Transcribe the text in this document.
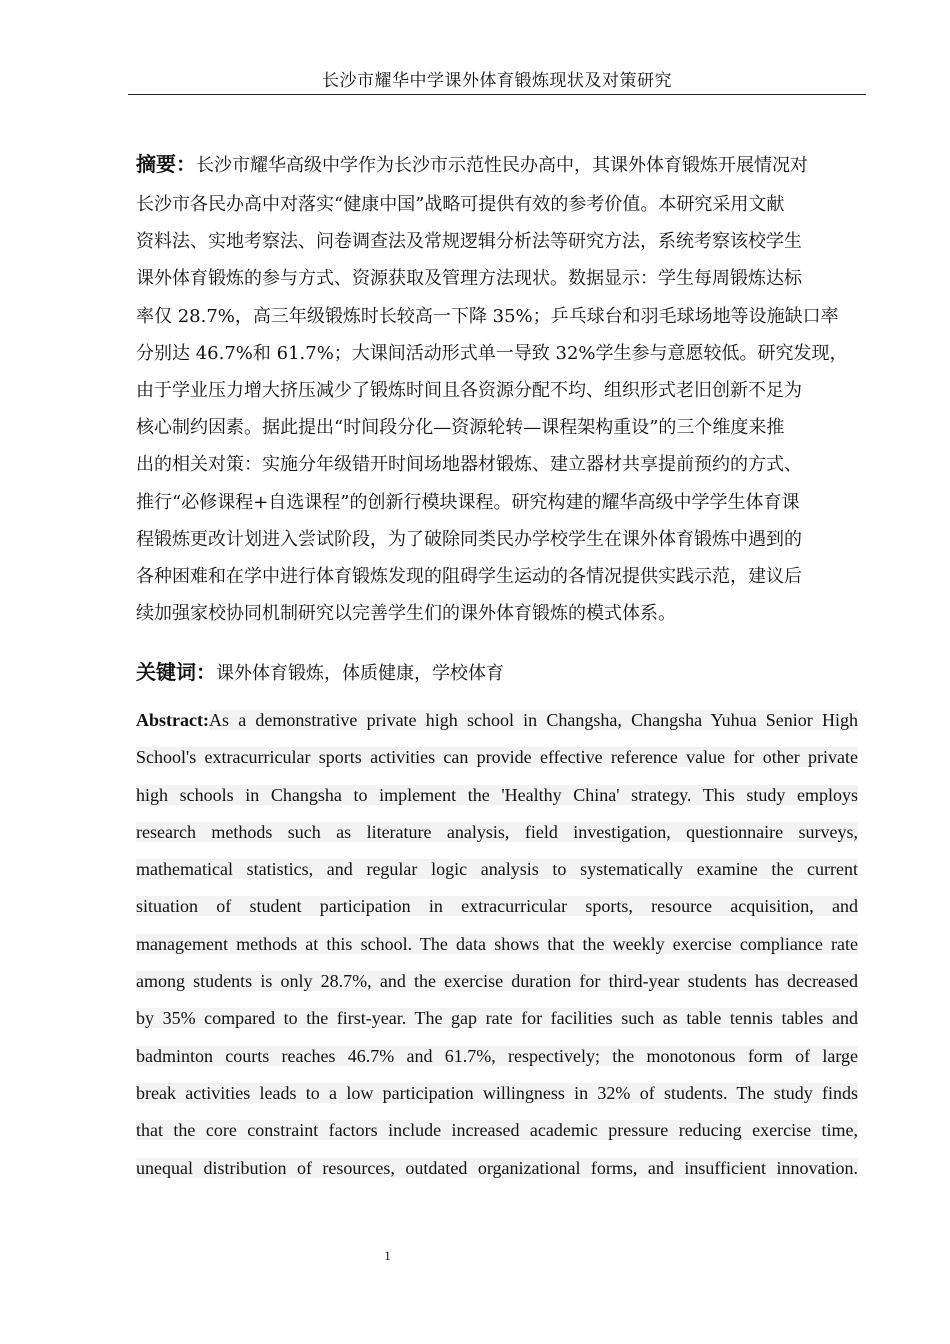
长沙市耀华中学课外体育锻炼现状及对策研究
摘要：长沙市耀华高级中学作为长沙市示范性民办高中，其课外体育锻炼开展情况对
长沙市各民办高中对落实“健康中国”战略可提供有效的参考价值。本研究采用文献
资料法、实地考察法、问卷调查法及常规逻辑分析法等研究方法，系统考察该校学生
课外体育锻炼的参与方式、资源获取及管理方法现状。数据显示：学生每周锻炼达标
率仅 28.7%，高三年级锻炼时长较高一下降 35%；乒乓球台和羽毛球场地等设施缺口率
分别达 46.7%和 61.7%；大课间活动形式单一导致 32%学生参与意愿较低。研究发现，
由于学业压力增大挤压减少了锻炼时间且各资源分配不均、组织形式老旧创新不足为
核心制约因素。据此提出“时间段分化—资源轮转—课程架构重设”的三个维度来推
出的相关对策：实施分年级错开时间场地器材锻炼、建立器材共享提前预约的方式、
推行“必修课程+自选课程”的创新行模块课程。研究构建的耀华高级中学学生体育课
程锻炼更改计划进入尝试阶段，为了破除同类民办学校学生在课外体育锻炼中遇到的
各种困难和在学中进行体育锻炼发现的阻碍学生运动的各情况提供实践示范，建议后
续加强家校协同机制研究以完善学生们的课外体育锻炼的模式体系。
关键词：课外体育锻炼，体质健康，学校体育
Abstract:As a demonstrative private high school in Changsha, Changsha Yuhua Senior High
School's extracurricular sports activities can provide effective reference value for other private
high schools in Changsha to implement the 'Healthy China' strategy. This study employs
research methods such as literature analysis, field investigation, questionnaire surveys,
mathematical statistics, and regular logic analysis to systematically examine the current
situation of student participation in extracurricular sports, resource acquisition, and
management methods at this school. The data shows that the weekly exercise compliance rate
among students is only 28.7%, and the exercise duration for third-year students has decreased
by 35% compared to the first-year. The gap rate for facilities such as table tennis tables and
badminton courts reaches 46.7% and 61.7%, respectively; the monotonous form of large
break activities leads to a low participation willingness in 32% of students. The study finds
that the core constraint factors include increased academic pressure reducing exercise time,
unequal distribution of resources, outdated organizational forms, and insufficient innovation.
1
